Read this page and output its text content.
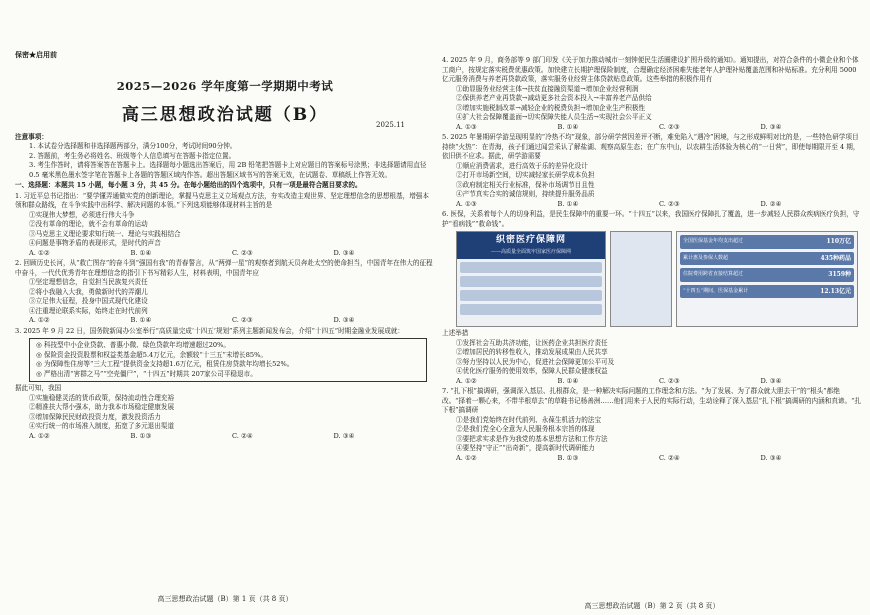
保密★启用前
2025—2026 学年度第一学期期中考试
高三思想政治试题（B）	2025.11
注意事项：
1. 本试卷分选择题和非选择题两部分，满分100分，考试时间90分钟。
2. 答题前，考生务必将姓名、班级等个人信息填写在答题卡指定位置。
3. 考生作答时，请将答案答在答题卡上。选择题每小题选出答案后，用 2B 铅笔把答题卡上对应题目的答案标号涂黑；非选择题请用直径 0.5 毫米黑色墨水签字笔在答题卡上各题的答题区域内作答。超出答题区域书写的答案无效，在试题卷、草稿纸上作答无效。
一、选择题：本题共 15 小题，每小题 3 分，共 45 分。在每小题给出的四个选项中，只有一项是最符合题目要求的。
1. 习近平总书记指出：“要学懂弄通做实党的创新理论，掌握马克思主义立场观点方法，夯实改造主观世界、坚定理想信念的思想根基，增强本领和群众路线，在斗争实践中出科学、解决问题的本领。”下列选项能够体现材料主旨的是
①实现伟大梦想，必须进行伟大斗争
②没有革命的理论，就不会有革命的运动
③马克思主义理论要求知行统一、理论与实践相结合
④问题是事物矛盾的表现形式，是时代的声音
A. ①②	B. ①④	C. ②③	D. ③④
2. 回顾历史长河，从“救亡图存”的奋斗到“强国有我”的青春誓言，从“两弹一星”的观察者到航天员奔赴太空的使命担当，中国青年在伟大的征程中奋斗，一代代优秀青年在理想信念的指引下书写精彩人生，材料表明，中国青年应
①坚定理想信念，自觉担当民族复兴责任
②将小我融入大我，勇做新时代的弄潮儿
③立足伟大征程，投身中国式现代化建设
④注重理论联系实际，始终走在时代前列
A. ①②	B. ①④	C. ②③	D. ③④
3. 2025 年 9 月 22 日，国务院新闻办公室举行“高质量完成‘十四五’规划”系列主题新闻发布会，介绍“十四五”时期金融业发展成就：
◎ 科技型中小企业贷款、普惠小微、绿色贷款年均增速超过20%。
◎ 保险资金投资股票和权益类基金超5.4万亿元，余额较“十三五”末增长85%。
◎ 为保障性住房等“三大工程”提供资金支持超1.6万亿元，租赁住房贷款年均增长52%。
◎ 严格出清“害群之马”“空壳僵尸”，“十四五”时期共 207家公司平稳退市。
据此可知，我国
①实施稳健灵活的货币政策，保持流动性合理充裕
②精准扶大帮小强本，助力我本市场稳定健康发展
③增加保障民民财政投资力度，激发投资活力
④实行统一的市场准入制度，拓宽了多元退出渠道
A. ①②	B. ①③	C. ②④	D. ③④
高三思想政治试题（B）第 1 页（共 8 页）
4. 2025 年 9 月，商务部等 9 部门印发《关于加力推动城市一刻钟便民生活圈建设扩围升级的通知》。通知提出，对符合条件的小微企业和个体工商户，按规定落实税费优惠政策。加快建立长期护理保险制度，合理确定经济困难失能老年人护理补贴覆盖范围和补贴标准。充分利用 5000 亿元服务消费与养老再贷款政策，落实服务业经营主体贷款贴息政策。这些举措的积极作用有
①助显服务业经营主体→扶贫直接融资渠道→增加企业经营利润
②保供养老产业再贷款→减动更多社会资本投入→丰富养老产品供给
③增加实施税制改革→减轻企业的税费负担→增加企业生产积极性
④扩大社会保障覆盖面→切实保障失能人员生活→实现社会公平正义
A. ①③	B. ①④	C. ②③	D. ③④
5. 2025 年暑期研学游呈现明显的“冷热不均”现象，部分研学营因差评不断，难免陷入“遇冷”困境，与之形成鲜明对比的是，一些特色研学项目持续“火热”：在青海，孩子们通过闻尝采认了解盐湖、观察高原生态；在广东中山，以农耕生活体验为核心的“一日营”，即使每期限开至 4 期，依旧供不应求。据此，研学游需要
①顺应消费需求，进行高效于乐的差异化设计
②打开市场新空间，切实减轻家长研学成本负担
③政府制定相关行业标准，保补市场调节目且性
④产节真实合实的诚信规则，持续提升服务品质
A. ①③	B. ①④	C. ②③	D. ②④
6. 医保，关系着每个人的切身利益，是民生保障中的重要一环。“十四五”以来，我国医疗保障扎了覆盖，进一步减轻人民群众疾病医疗负担，守护“看病钱”“救命钱”。
织密医疗保障网
——高质量全面筑牢国家医疗保障网
全国医保基金年均支出超过	110万亿
累计惠及参保人数超	435种药品
住院费用跨省直接结算超过	3159种
“十四五”期间，医保基金累计	12.13亿元
上述举措
①发挥社会互助共济功能，让医药企业共担医疗责任
②增加居民的转移性收入，推动发展成果由人民共享
③努力坚持以人民为中心，促进社会保障更加公平可及
④优化医疗服务的使用效率，保障人民群众健康权益
A. ①②	B. ①④	C. ②③	D. ③④
7. “扎下根”搞调研，强调深入基层、扎根群众，是一种解决实际问题的工作理念和方法。“为了发展、为了群众就大胆去干”的“根头”都绝改。“择着一颗心来，不带半根草去”的草鞋书记杨善洲……他们用来于人民的实际行动，生动诠释了深入基层“扎下根”搞调研的内涵和真谛。“扎下根”搞调研
①是我们党始终在时代前列、永葆生机活力的法宝
②是我们党全心全意为人民服务根本宗旨的体现
③要把求实求是作为我党的基本思想方法和工作方法
④要坚持“守正”“出奇新”，提高新时代调研能力
A. ①②	B. ①③	C. ②④	D. ③④
高三思想政治试题（B）第 2 页（共 8 页）
